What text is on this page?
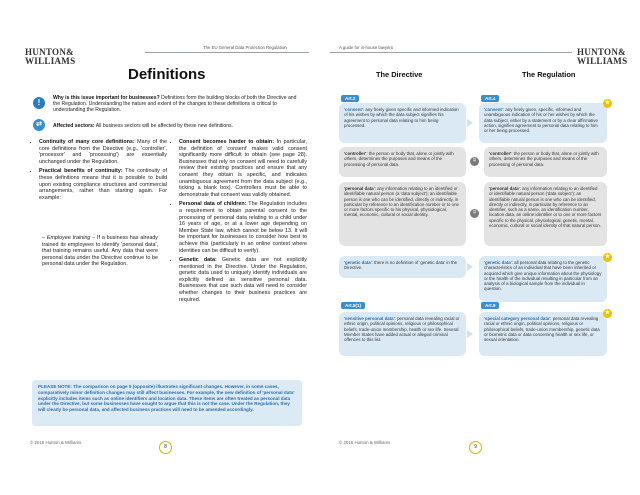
HUNTON&
WILLIAMS
The EU General Data Protection Regulation
Definitions
!	Why is this issue important for businesses? Definitions form the building blocks of both the Directive and the Regulation. Understanding the nature and extent of the changes to these definitions is critical to understanding the Regulation.
⇄	Affected sectors: All business sectors will be affected by these new definitions.
• Continuity of many core definitions: Many of the core definitions from the Directive (e.g., 'controller', 'processor' and 'processing') are essentially unchanged under the Regulation.
• Practical benefits of continuity: The continuity of these definitions means that it is possible to build upon existing compliance structures and commercial arrangements, rather than starting again. For example:
– Employee training – If a business has already trained its employees to identify 'personal data', that training remains useful. Any data that were personal data under the Directive continue to be personal data under the Regulation.
• Consent becomes harder to obtain: In particular, the definition of 'consent' makes valid consent significantly more difficult to obtain (see page 28). Businesses that rely on consent will need to carefully review their existing practices and ensure that any consent they obtain is specific, and indicates unambiguous agreement from the data subject (e.g., ticking a blank box). Controllers must be able to demonstrate that consent was validly obtained.
• Personal data of children: The Regulation includes a requirement to obtain parental consent to the processing of personal data relating to a child under 16 years of age, or at a lower age depending on Member State law, which cannot be below 13. It will be important for businesses to consider how best to achieve this (particularly in an online context where identities can be difficult to verify).
• Genetic data: Genetic data are not explicitly mentioned in the Directive. Under the Regulation, genetic data used to uniquely identify individuals are explicitly defined as sensitive personal data. Businesses that use such data will need to consider whether changes to their business practices are required.
PLEASE NOTE: The comparison on page 9 (opposite) illustrates significant changes. However, in some cases, comparatively minor definition changes may still affect businesses. For example, the new definition of 'personal data' explicitly includes items such as online identifiers and location data. These items are often treated as personal data under the Directive, but some businesses have sought to argue that this is not the case. Under the Regulation, they will clearly be personal data, and affected business practices will need to be amended accordingly.
© 2016 Hunton & Williams
8
A guide for in-house lawyers	HUNTON&
WILLIAMS
The Directive	The Regulation
Art.2	Art.4
'consent': any freely given specific and informed indication of his wishes by which the data subject signifies his agreement to personal data relating to him being processed.
'consent': any freely given, specific, informed and unambiguous indication of his or her wishes by which the data subject, either by a statement or by a clear affirmative action, signifies agreement to personal data relating to him or her being processed.
★
'controller': the person or body that, alone or jointly with others, determines the purposes and means of the processing of personal data.
=
'controller': the person or body that, alone or jointly with others, determines the purposes and means of the processing of personal data.
'personal data': any information relating to an identified or identifiable natural person (a 'data subject'); an identifiable person is one who can be identified, directly or indirectly, in particular by reference to an identification number or to one or more factors specific to his physical, physiological, mental, economic, cultural or social identity.	=
'personal data': any information relating to an identified or identifiable natural person ('data subject'); an identifiable natural person is one who can be identified, directly or indirectly, in particular by reference to an identifier, such as a name, an identification number, location data, an online identifier or to one or more factors specific to the physical, physiological, genetic, mental, economic, cultural or social identity of that natural person.
'genetic data': there is no definition of 'genetic data' in the Directive.
'genetic data': all personal data relating to the genetic characteristics of an individual that have been inherited or acquired which give unique information about the physiology or the health of the individual resulting in particular from an analysis of a biological sample from the individual in question.
★
Art.8(1)	Art.9
'sensitive personal data': personal data revealing racial or ethnic origin, political opinions, religious or philosophical beliefs, trade-union membership, health or sex life. Several Member States have added actual or alleged criminal offences to this list.
'special category personal data': personal data revealing racial or ethnic origin, political opinions, religious or philosophical beliefs, trade-union membership, genetic data or biometric data or data concerning health or sex life, or sexual orientation.
★
© 2016 Hunton & Williams
9
